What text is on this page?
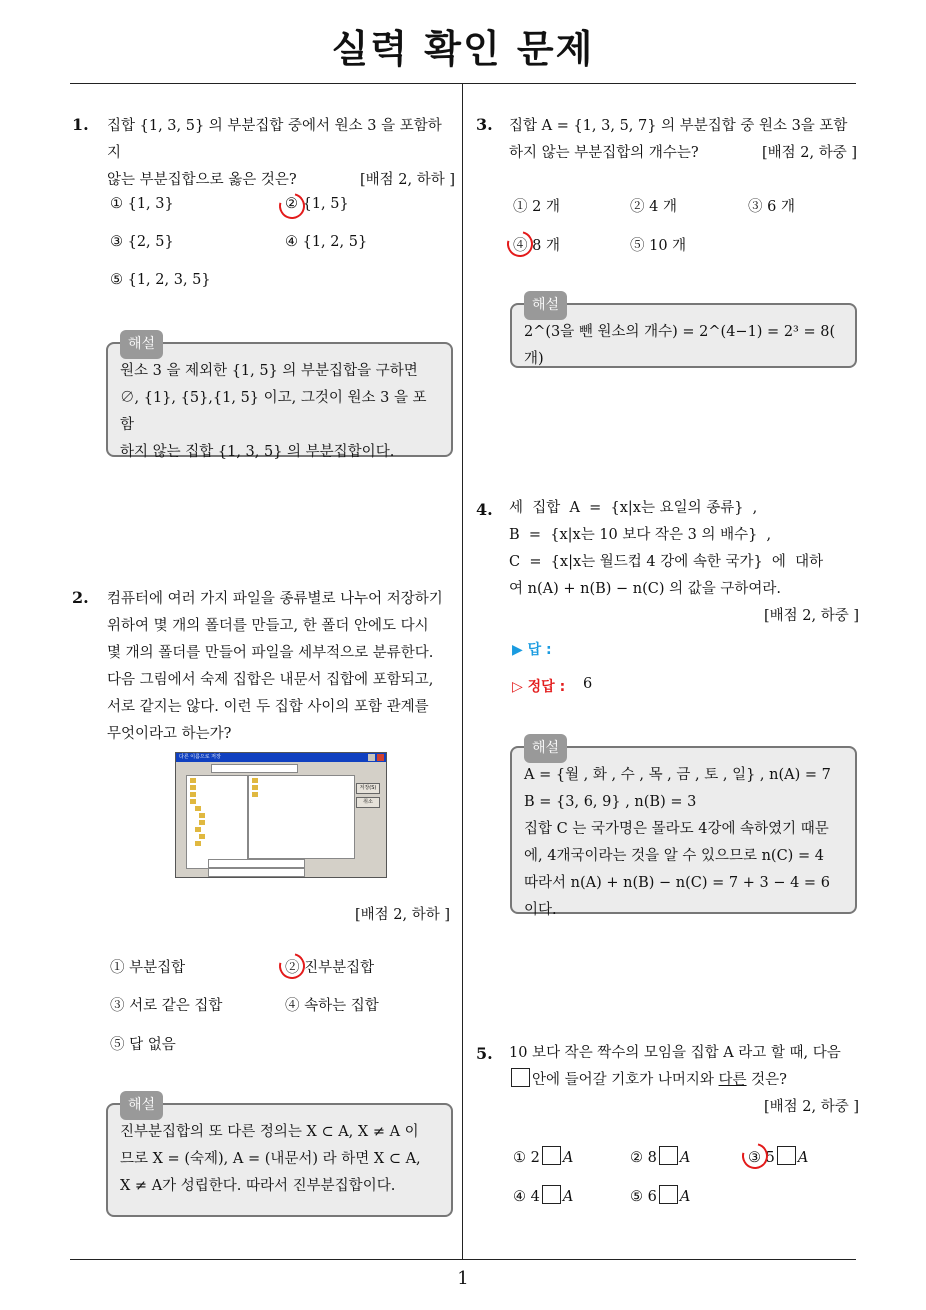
실력 확인 문제
1
1. 집합 {1, 3, 5} 의 부분집합 중에서 원소 3 을 포함하지
않는 부분집합으로 옳은 것은?	[배점 2, 하하 ]
① {1, 3}	② {1, 5}
③ {2, 5}	④ {1, 2, 5}
⑤ {1, 2, 3, 5}
해설
원소 3 을 제외한 {1, 5} 의 부분집합을 구하면
∅, {1}, {5},{1, 5} 이고, 그것이 원소 3 을 포함
하지 않는 집합 {1, 3, 5} 의 부분집합이다.
2. 컴퓨터에 여러 가지 파일을 종류별로 나누어 저장하기
위하여 몇 개의 폴더를 만들고, 한 폴더 안에도 다시
몇 개의 폴더를 만들어 파일을 세부적으로 분류한다.
다음 그림에서 숙제 집합은 내문서 집합에 포함되고,
서로 같지는 않다. 이런 두 집합 사이의 포함 관계를
무엇이라고 하는가?
다른 이름으로 저장
저장(S)
취소
[배점 2, 하하 ]
① 부분집합	② 진부분집합
③ 서로 같은 집합	④ 속하는 집합
⑤ 답 없음
해설
진부분집합의 또 다른 정의는 X ⊂ A, X ≠ A 이
므로 X = (숙제), A = (내문서) 라 하면 X ⊂ A,
X ≠ A가 성립한다. 따라서 진부분집합이다.
3. 집합 A = {1, 3, 5, 7} 의 부분집합 중 원소 3을 포함
하지 않는 부분집합의 개수는?	[배점 2, 하중 ]
① 2 개	② 4 개	③ 6 개
④ 8 개	⑤ 10 개
해설
2^(3을 뺀 원소의 개수) = 2^(4−1) = 2³ = 8( 개)
4. 세  집합  A  =  {x|x는 요일의 종류}  ,
B  =  {x|x는 10 보다 작은 3 의 배수}  ,
C  =  {x|x는 월드컵 4 강에 속한 국가}  에  대하
여 n(A) + n(B) − n(C) 의 값을 구하여라.
[배점 2, 하중 ]
▶ 답 :
▷ 정답 : 6
해설
A = {월 , 화 , 수 , 목 , 금 , 토 , 일} , n(A) = 7
B = {3, 6, 9} , n(B) = 3
집합 C 는 국가명은 몰라도 4강에 속하였기 때문
에, 4개국이라는 것을 알 수 있으므로 n(C) = 4
따라서 n(A) + n(B) − n(C) = 7 + 3 − 4 = 6 이다.
5. 10 보다 작은 짝수의 모임을 집합 A 라고 할 때, 다음
안에 들어갈 기호가 나머지와 다른 것은?
[배점 2, 하중 ]
① 2 A	② 8 A	③ 5 A
④ 4 A	⑤ 6 A
